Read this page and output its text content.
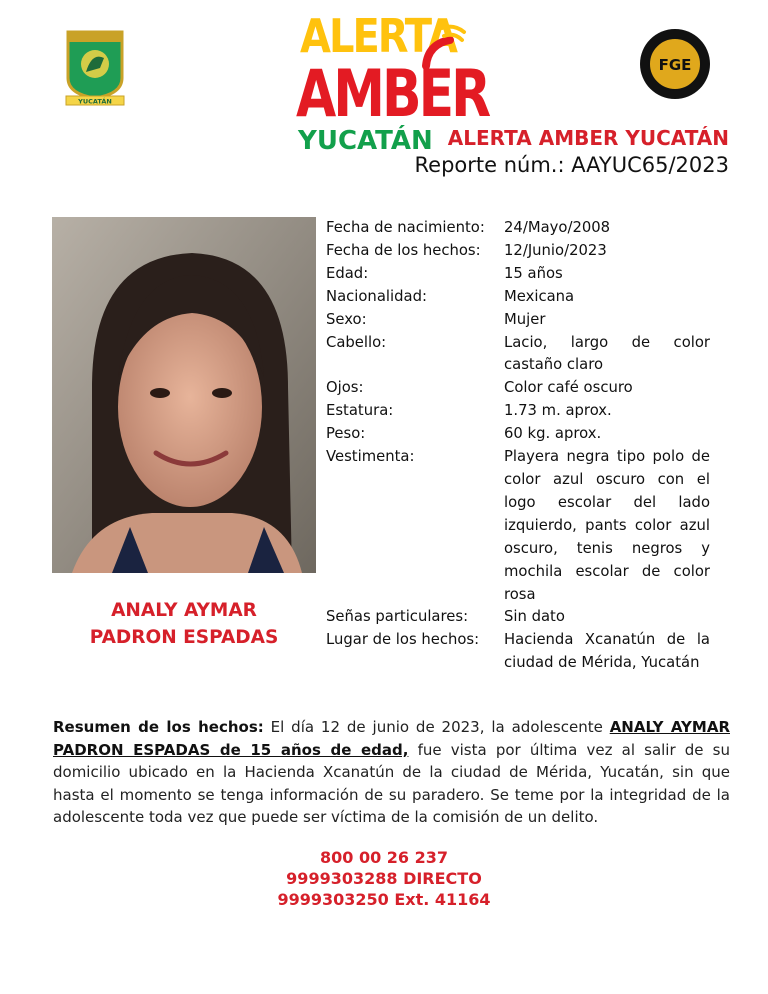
YUCATÁN
ALERTA
AMBER
YUCATÁN
FGE
ALERTA AMBER YUCATÁN
Reporte núm.: AAYUC65/2023
ANALY AYMAR
PADRON ESPADAS
Fecha de nacimiento:	24/Mayo/2008
Fecha de los hechos:	12/Junio/2023
Edad:	15 años
Nacionalidad:	Mexicana
Sexo:	Mujer
Cabello:	Lacio, largo de color castaño claro
Ojos:	Color café oscuro
Estatura:	1.73 m. aprox.
Peso:	60 kg. aprox.
Vestimenta:	Playera negra tipo polo de color azul oscuro con el logo escolar del lado izquierdo, pants color azul oscuro, tenis negros y mochila escolar de color rosa
Señas particulares:	Sin dato
Lugar de los hechos:	Hacienda Xcanatún de la ciudad de Mérida, Yucatán

Resumen de los hechos: El día 12 de junio de 2023, la adolescente ANALY AYMAR PADRON ESPADAS de 15 años de edad, fue vista por última vez al salir de su domicilio ubicado en la Hacienda Xcanatún de la ciudad de Mérida, Yucatán, sin que hasta el momento se tenga información de su paradero. Se teme por la integridad de la adolescente toda vez que puede ser víctima de la comisión de un delito.

800 00 26 237
9999303288 DIRECTO
9999303250 Ext. 41164
